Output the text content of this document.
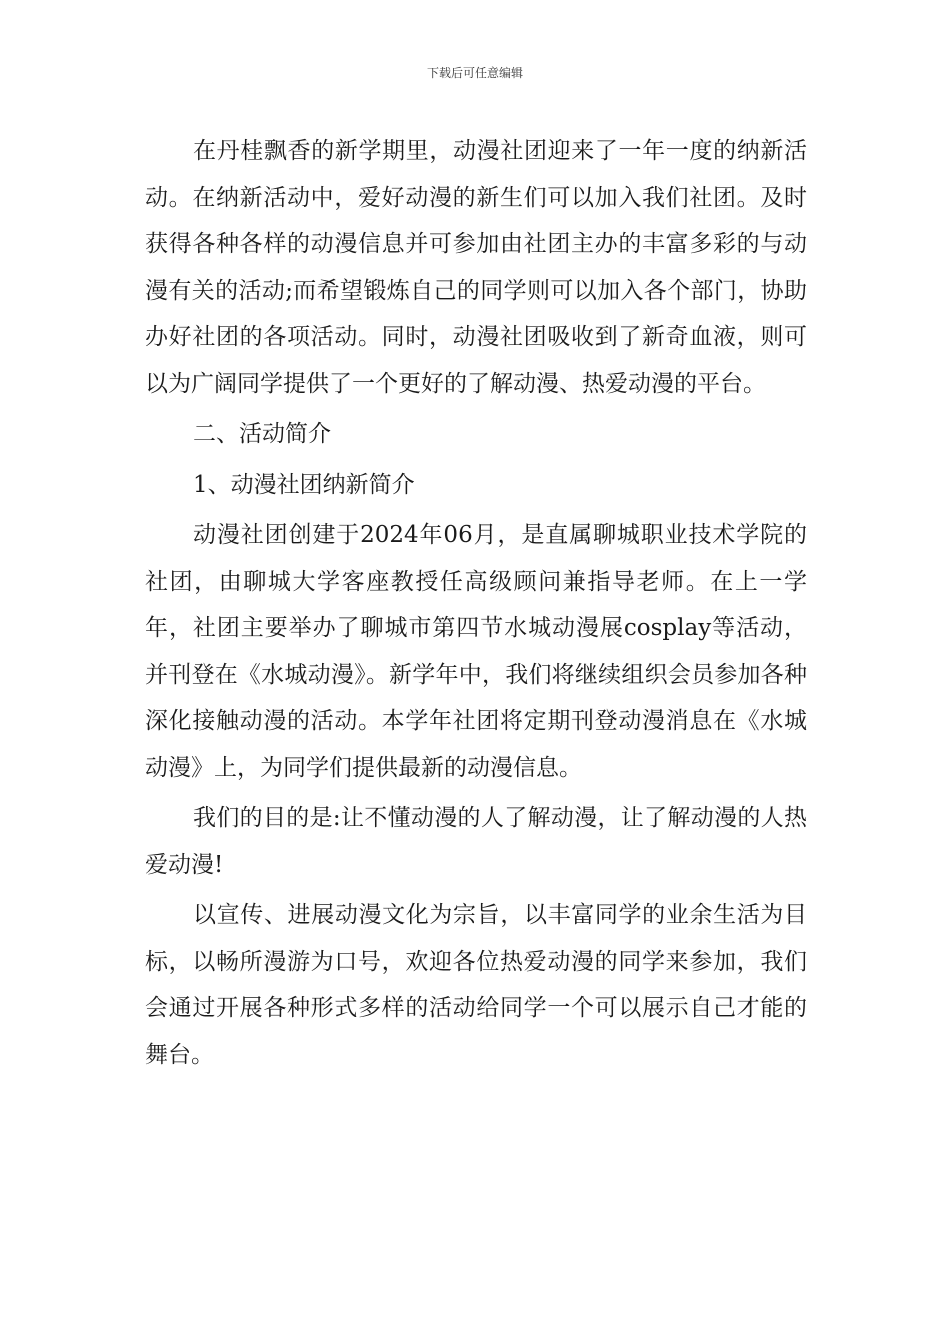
下载后可任意编辑

在丹桂飘香的新学期里，动漫社团迎来了一年一度的纳新活动。在纳新活动中，爱好动漫的新生们可以加入我们社团。及时获得各种各样的动漫信息并可参加由社团主办的丰富多彩的与动漫有关的活动;而希望锻炼自己的同学则可以加入各个部门，协助办好社团的各项活动。同时，动漫社团吸收到了新奇血液，则可以为广阔同学提供了一个更好的了解动漫、热爱动漫的平台。

二、活动简介

1、动漫社团纳新简介

动漫社团创建于2024年06月，是直属聊城职业技术学院的社团，由聊城大学客座教授任高级顾问兼指导老师。在上一学年，社团主要举办了聊城市第四节水城动漫展cosplay等活动，并刊登在《水城动漫》。新学年中，我们将继续组织会员参加各种深化接触动漫的活动。本学年社团将定期刊登动漫消息在《水城动漫》上，为同学们提供最新的动漫信息。

我们的目的是:让不懂动漫的人了解动漫，让了解动漫的人热爱动漫!

以宣传、进展动漫文化为宗旨，以丰富同学的业余生活为目标，以畅所漫游为口号，欢迎各位热爱动漫的同学来参加，我们会通过开展各种形式多样的活动给同学一个可以展示自己才能的舞台。
